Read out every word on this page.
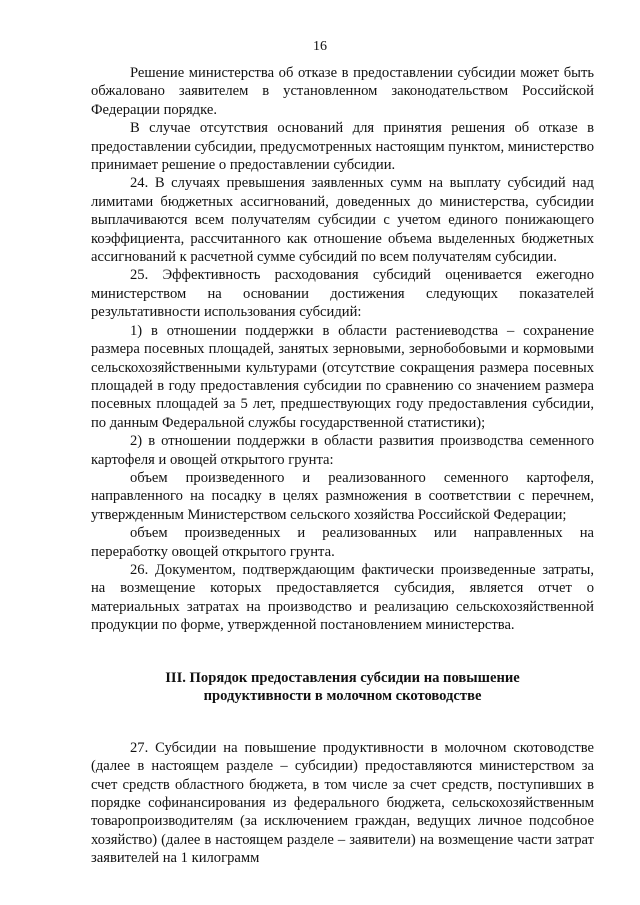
16

Решение министерства об отказе в предоставлении субсидии может быть обжаловано заявителем в установленном законодательством Российской Федерации порядке.

В случае отсутствия оснований для принятия решения об отказе в предоставлении субсидии, предусмотренных настоящим пунктом, министерство принимает решение о предоставлении субсидии.

24. В случаях превышения заявленных сумм на выплату субсидий над лимитами бюджетных ассигнований, доведенных до министерства, субсидии выплачиваются всем получателям субсидии с учетом единого понижающего коэффициента, рассчитанного как отношение объема выделенных бюджетных ассигнований к расчетной сумме субсидий по всем получателям субсидии.

25. Эффективность расходования субсидий оценивается ежегодно министерством на основании достижения следующих показателей результативности использования субсидий:

1) в отношении поддержки в области растениеводства – сохранение размера посевных площадей, занятых зерновыми, зернобобовыми и кормовыми сельскохозяйственными культурами (отсутствие сокращения размера посевных площадей в году предоставления субсидии по сравнению со значением размера посевных площадей за 5 лет, предшествующих году предоставления субсидии, по данным Федеральной службы государственной статистики);

2) в отношении поддержки в области развития производства семенного картофеля и овощей открытого грунта:

объем произведенного и реализованного семенного картофеля, направленного на посадку в целях размножения в соответствии с перечнем, утвержденным Министерством сельского хозяйства Российской Федерации;

объем произведенных и реализованных или направленных на переработку овощей открытого грунта.

26. Документом, подтверждающим фактически произведенные затраты, на возмещение которых предоставляется субсидия, является отчет о материальных затратах на производство и реализацию сельскохозяйственной продукции по форме, утвержденной постановлением министерства.

III. Порядок предоставления субсидии на повышение
продуктивности в молочном скотоводстве

27. Субсидии на повышение продуктивности в молочном скотоводстве (далее в настоящем разделе – субсидии) предоставляются министерством за счет средств областного бюджета, в том числе за счет средств, поступивших в порядке софинансирования из федерального бюджета, сельскохозяйственным товаропроизводителям (за исключением граждан, ведущих личное подсобное хозяйство) (далее в настоящем разделе – заявители) на возмещение части затрат заявителей на 1 килограмм
